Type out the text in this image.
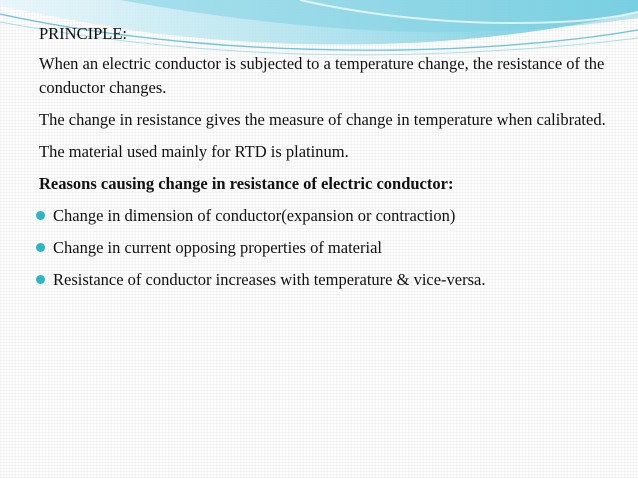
PRINCIPLE:

When an electric conductor is subjected to a temperature change, the resistance of the conductor changes.

The change in resistance gives the measure of change in temperature when calibrated.

The material used mainly for RTD is platinum.

Reasons causing change in resistance of electric conductor:

Change in dimension of conductor(expansion or contraction)
Change in current opposing properties of material
Resistance of conductor increases with temperature & vice-versa.
